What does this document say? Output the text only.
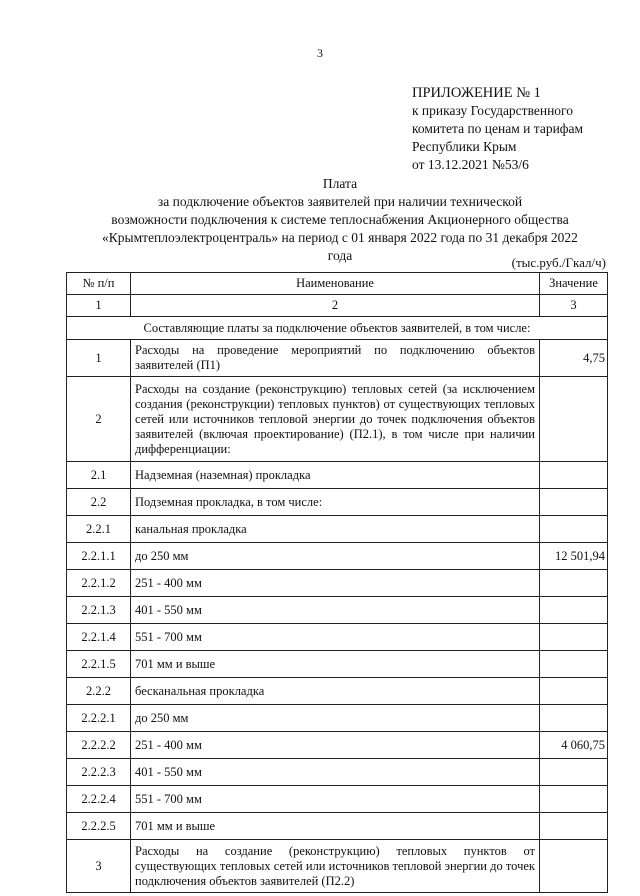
3
ПРИЛОЖЕНИЕ № 1
к приказу Государственного
комитета по ценам и тарифам
Республики Крым
от 13.12.2021 №53/6
Плата
за подключение объектов заявителей при наличии технической
возможности подключения к системе теплоснабжения Акционерного общества
«Крымтеплоэлектроцентраль» на период с 01 января 2022 года по 31 декабря 2022
года	(тыс.руб./Гкал/ч)
№ п/п	Наименование	Значение
1	2	3
Составляющие платы за подключение объектов заявителей, в том числе:		
1	Расходы на проведение мероприятий по подключению объектов заявителей (П1)	4,75
2	Расходы на создание (реконструкцию) тепловых сетей (за исключением создания (реконструкции) тепловых пунктов) от существующих тепловых сетей или источников тепловой энергии до точек подключения объектов заявителей (включая проектирование) (П2.1), в том числе при наличии дифференциации:	
2.1	Надземная (наземная) прокладка	
2.2	Подземная прокладка, в том числе:	
2.2.1	канальная прокладка	
2.2.1.1	до 250 мм	12 501,94
2.2.1.2	251 - 400 мм	
2.2.1.3	401 - 550 мм	
2.2.1.4	551 - 700 мм	
2.2.1.5	701 мм и выше	
2.2.2	бесканальная прокладка	
2.2.2.1	до 250 мм	
2.2.2.2	251 - 400 мм	4 060,75
2.2.2.3	401 - 550 мм	
2.2.2.4	551 - 700 мм	
2.2.2.5	701 мм и выше	
3	Расходы на создание (реконструкцию) тепловых пунктов от существующих тепловых сетей или источников тепловой энергии до точек подключения объектов заявителей (П2.2)	
